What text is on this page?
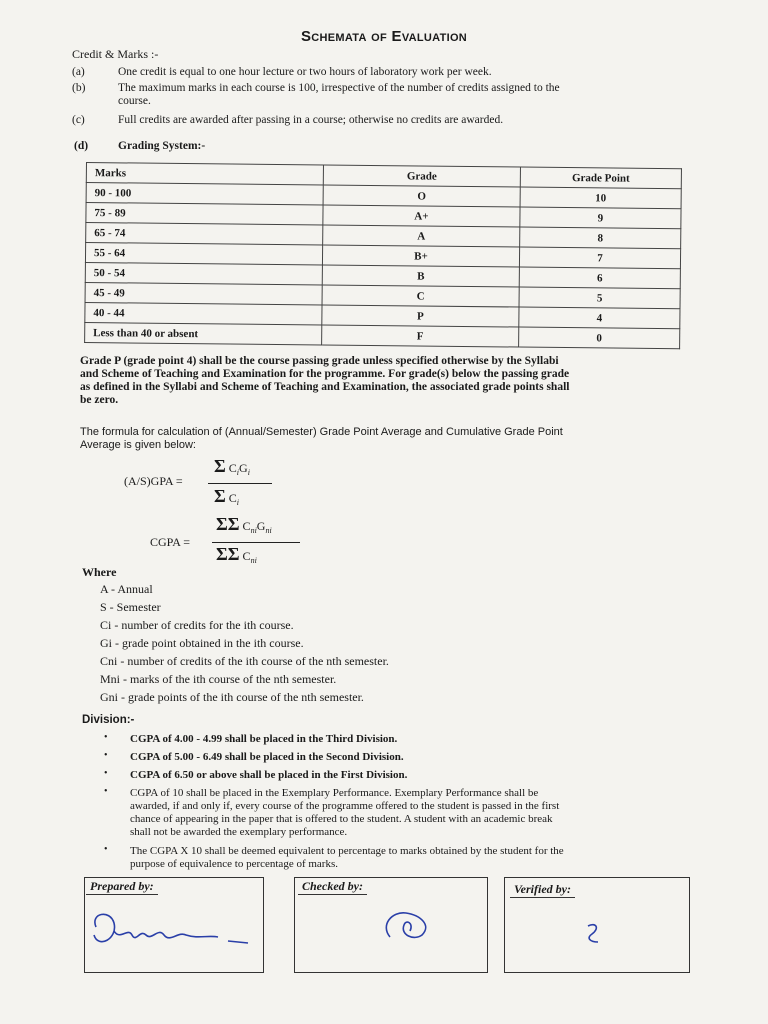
Schemata of Evaluation
Credit & Marks :-
(a)	One credit is equal to one hour lecture or two hours of laboratory work per week.
(b)	The maximum marks in each course is 100, irrespective of the number of credits assigned to the
course.
(c)	Full credits are awarded after passing in a course; otherwise no credits are awarded.
(d)	Grading System:-
Marks	Grade	Grade Point
90 - 100	O	10
75 - 89	A+	9
65 - 74	A	8
55 - 64	B+	7
50 - 54	B	6
45 - 49	C	5
40 - 44	P	4
Less than 40 or absent	F	0
Grade P (grade point 4) shall be the course passing grade unless specified otherwise by the Syllabi
and Scheme of Teaching and Examination for the programme. For grade(s) below the passing grade
as defined in the Syllabi and Scheme of Teaching and Examination, the associated grade points shall
be zero.
The formula for calculation of (Annual/Semester) Grade Point Average and Cumulative Grade Point
Average is given below:
(A/S)GPA =
Σ $C_iG_i$
Σ $C_i$
CGPA =
ΣΣ $C_{ni}G_{ni}$
ΣΣ $C_{ni}$
Where
A - Annual
S - Semester
Ci - number of credits for the ith course.
Gi - grade point obtained in the ith course.
Cni - number of credits of the ith course of the nth semester.
Mni - marks of the ith course of the nth semester.
Gni - grade points of the ith course of the nth semester.
Division:-
• CGPA of 4.00 - 4.99 shall be placed in the Third Division.
• CGPA of 5.00 - 6.49 shall be placed in the Second Division.
• CGPA of 6.50 or above shall be placed in the First Division.
• CGPA of 10 shall be placed in the Exemplary Performance. Exemplary Performance shall be
awarded, if and only if, every course of the programme offered to the student is passed in the first
chance of appearing in the paper that is offered to the student. A student with an academic break
shall not be awarded the exemplary performance.
• The CGPA X 10 shall be deemed equivalent to percentage to marks obtained by the student for the
purpose of equivalence to percentage of marks.
Prepared by:	Checked by:	Verified by:
